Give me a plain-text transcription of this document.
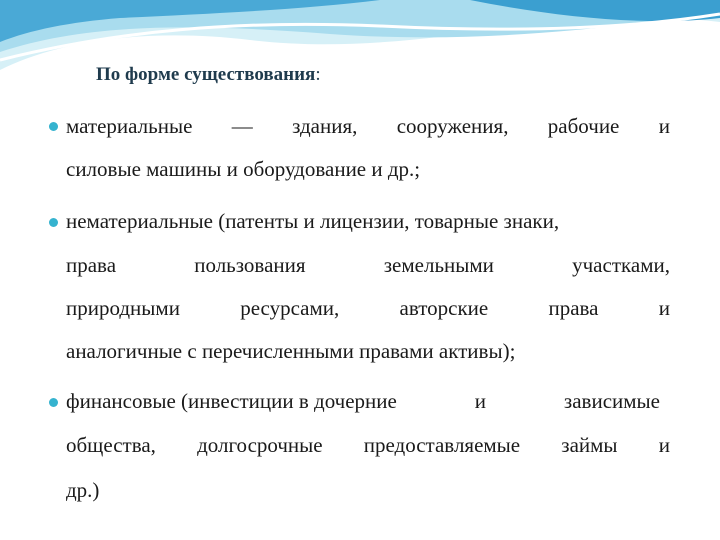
По форме существования:
материальные — здания, сооружения, рабочие и
силовые машины и оборудование и др.;
нематериальные (патенты и лицензии, товарные знаки,
права	пользования	земельными	участками,
природными	ресурсами,	авторские	права	и
аналогичные с перечисленными правами активы);
финансовые (инвестиции в дочерние	и	зависимые
общества, долгосрочные предоставляемые займы и
др.)
